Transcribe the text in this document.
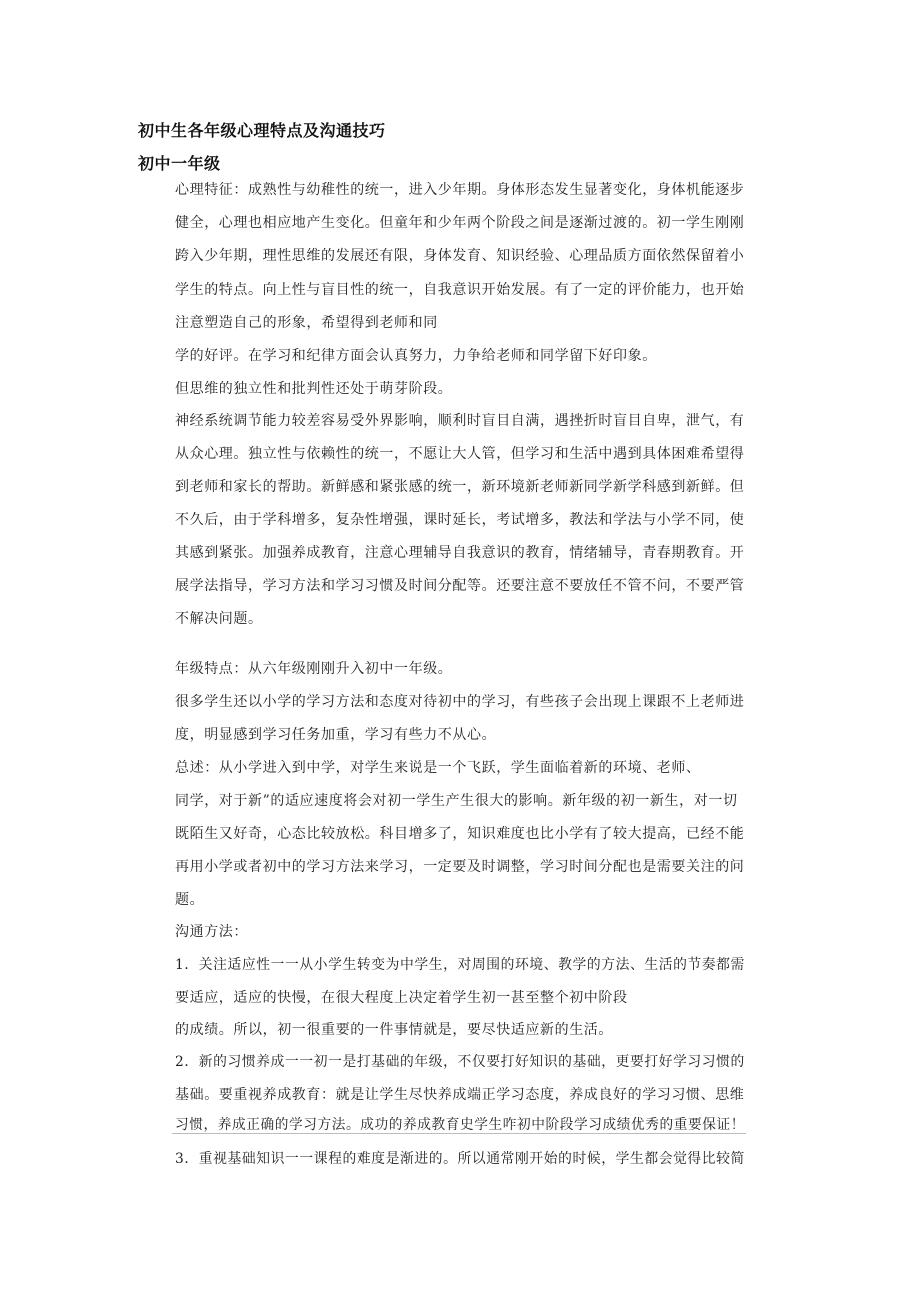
初中生各年级心理特点及沟通技巧
初中一年级
心理特征：成熟性与幼稚性的统一，进入少年期。身体形态发生显著变化，身体机能逐步
健全，心理也相应地产生变化。但童年和少年两个阶段之间是逐渐过渡的。初一学生刚刚
跨入少年期，理性思维的发展还有限，身体发育、知识经验、心理品质方面依然保留着小
学生的特点。向上性与盲目性的统一，自我意识开始发展。有了一定的评价能力，也开始
注意塑造自己的形象，希望得到老师和同
学的好评。在学习和纪律方面会认真努力，力争给老师和同学留下好印象。
但思维的独立性和批判性还处于萌芽阶段。
神经系统调节能力较差容易受外界影响，顺利时盲目自满，遇挫折时盲目自卑，泄气，有
从众心理。独立性与依赖性的统一，不愿让大人管，但学习和生活中遇到具体困难希望得
到老师和家长的帮助。新鲜感和紧张感的统一，新环境新老师新同学新学科感到新鲜。但
不久后，由于学科增多，复杂性增强，课时延长，考试增多，教法和学法与小学不同，使
其感到紧张。加强养成教育，注意心理辅导自我意识的教育，情绪辅导，青春期教育。开
展学法指导，学习方法和学习习惯及时间分配等。还要注意不要放任不管不问，不要严管
不解决问题。
年级特点：从六年级刚刚升入初中一年级。
很多学生还以小学的学习方法和态度对待初中的学习，有些孩子会出现上课跟不上老师进
度，明显感到学习任务加重，学习有些力不从心。
总述：从小学进入到中学，对学生来说是一个飞跃，学生面临着新的环境、老师、
同学，对于新”的适应速度将会对初一学生产生很大的影响。新年级的初一新生，对一切
既陌生又好奇，心态比较放松。科目增多了，知识难度也比小学有了较大提高，已经不能
再用小学或者初中的学习方法来学习，一定要及时调整，学习时间分配也是需要关注的问
题。
沟通方法：
1．关注适应性一一从小学生转变为中学生，对周围的环境、教学的方法、生活的节奏都需
要适应，适应的快慢，在很大程度上决定着学生初一甚至整个初中阶段
的成绩。所以，初一很重要的一件事情就是，要尽快适应新的生活。
2．新的习惯养成一一初一是打基础的年级，不仅要打好知识的基础，更要打好学习习惯的
基础。要重视养成教育：就是让学生尽快养成端正学习态度，养成良好的学习习惯、思维
习惯，养成正确的学习方法。成功的养成教育史学生咋初中阶段学习成绩优秀的重要保证！
3．重视基础知识一一课程的难度是渐进的。所以通常刚开始的时候，学生都会觉得比较简
